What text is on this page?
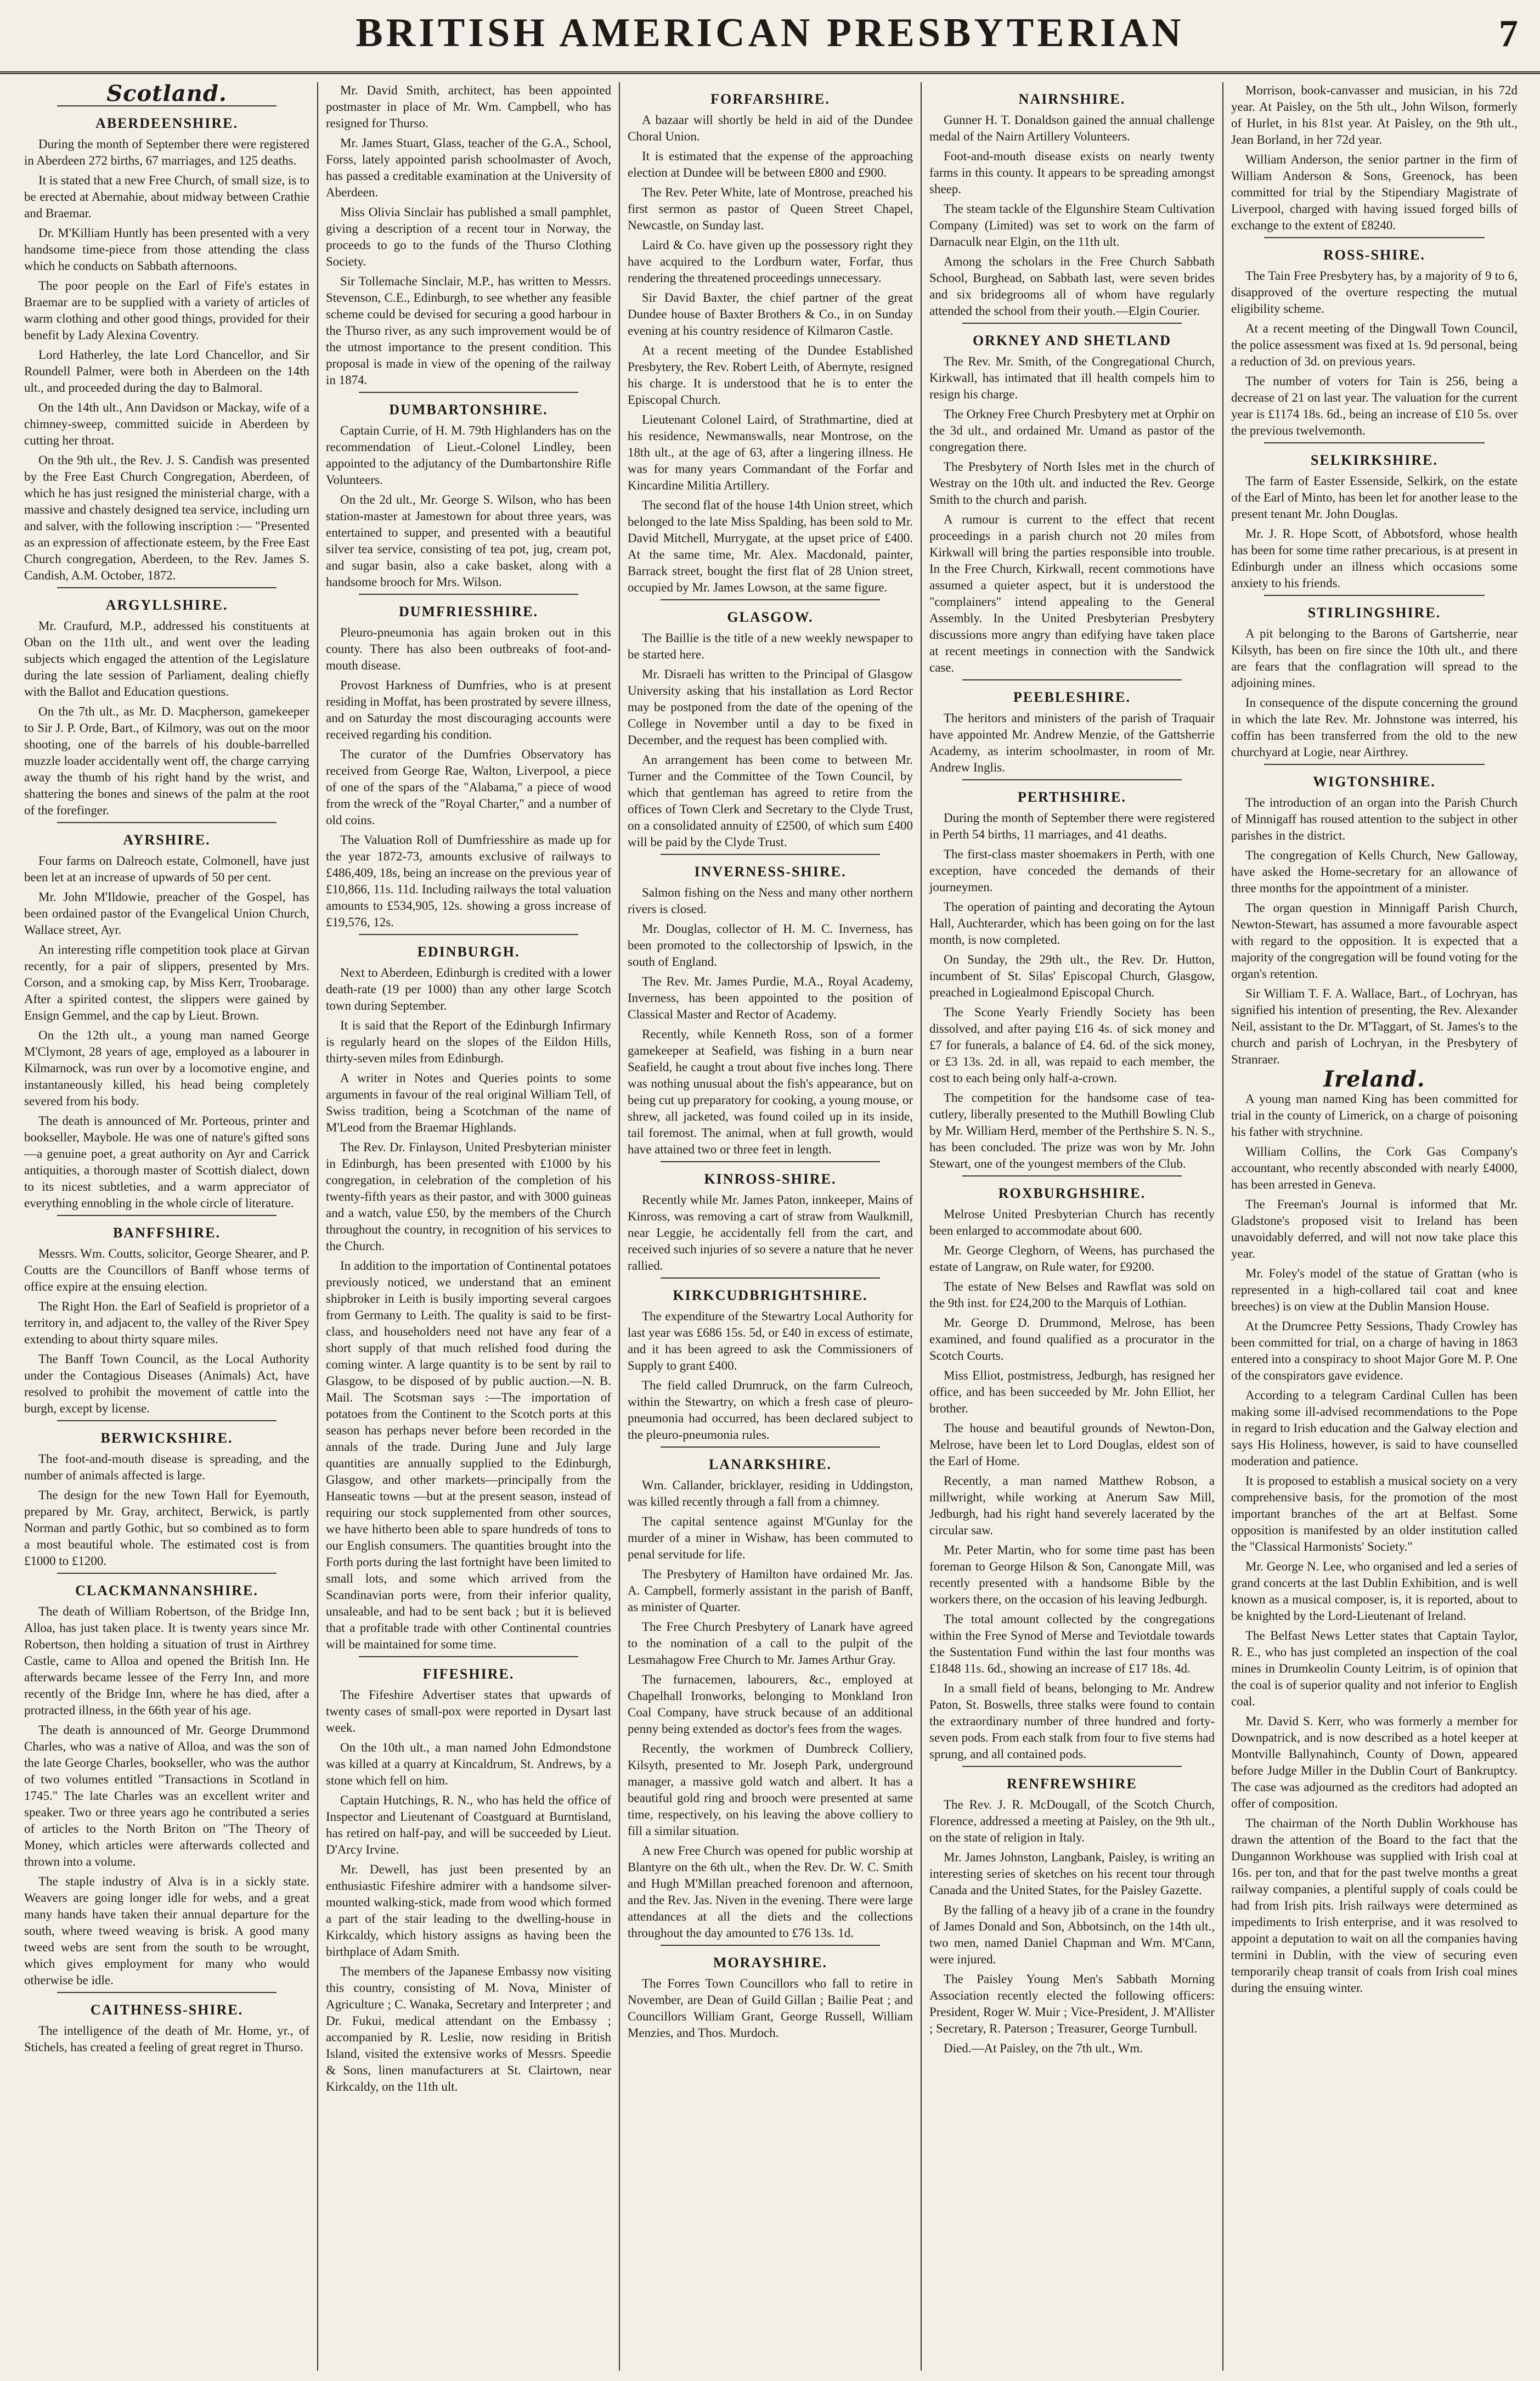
BRITISH AMERICAN PRESBYTERIAN	7
Scotland.
ABERDEENSHIRE.

During the month of September there were registered in Aberdeen 272 births, 67 marriages, and 125 deaths.

It is stated that a new Free Church, of small size, is to be erected at Abernahie, about midway between Crathie and Braemar.

Dr. M'Killiam Huntly has been presented with a very handsome time-piece from those attending the class which he conducts on Sabbath afternoons.

The poor people on the Earl of Fife's estates in Braemar are to be supplied with a variety of articles of warm clothing and other good things, provided for their benefit by Lady Alexina Coventry.

Lord Hatherley, the late Lord Chancellor, and Sir Roundell Palmer, were both in Aberdeen on the 14th ult., and proceeded during the day to Balmoral.

On the 14th ult., Ann Davidson or Mackay, wife of a chimney-sweep, committed suicide in Aberdeen by cutting her throat.

On the 9th ult., the Rev. J. S. Candish was presented by the Free East Church Congregation, Aberdeen, of which he has just resigned the ministerial charge, with a massive and chastely designed tea service, including urn and salver, with the following inscription :— "Presented as an expression of affectionate esteem, by the Free East Church congregation, Aberdeen, to the Rev. James S. Candish, A.M. October, 1872.

ARGYLLSHIRE.

Mr. Craufurd, M.P., addressed his constituents at Oban on the 11th ult., and went over the leading subjects which engaged the attention of the Legislature during the late session of Parliament, dealing chiefly with the Ballot and Education questions.

On the 7th ult., as Mr. D. Macpherson, gamekeeper to Sir J. P. Orde, Bart., of Kilmory, was out on the moor shooting, one of the barrels of his double-barrelled muzzle loader accidentally went off, the charge carrying away the thumb of his right hand by the wrist, and shattering the bones and sinews of the palm at the root of the forefinger.

AYRSHIRE.

Four farms on Dalreoch estate, Colmonell, have just been let at an increase of upwards of 50 per cent.

Mr. John M'Ildowie, preacher of the Gospel, has been ordained pastor of the Evangelical Union Church, Wallace street, Ayr.

An interesting rifle competition took place at Girvan recently, for a pair of slippers, presented by Mrs. Corson, and a smoking cap, by Miss Kerr, Troobarage. After a spirited contest, the slippers were gained by Ensign Gemmel, and the cap by Lieut. Brown.

On the 12th ult., a young man named George M'Clymont, 28 years of age, employed as a labourer in Kilmarnock, was run over by a locomotive engine, and instantaneously killed, his head being completely severed from his body.

The death is announced of Mr. Porteous, printer and bookseller, Maybole. He was one of nature's gifted sons—a genuine poet, a great authority on Ayr and Carrick antiquities, a thorough master of Scottish dialect, down to its nicest subtleties, and a warm appreciator of everything ennobling in the whole circle of literature.

BANFFSHIRE.

Messrs. Wm. Coutts, solicitor, George Shearer, and P. Coutts are the Councillors of Banff whose terms of office expire at the ensuing election.

The Right Hon. the Earl of Seafield is proprietor of a territory in, and adjacent to, the valley of the River Spey extending to about thirty square miles.

The Banff Town Council, as the Local Authority under the Contagious Diseases (Animals) Act, have resolved to prohibit the movement of cattle into the burgh, except by license.

BERWICKSHIRE.

The foot-and-mouth disease is spreading, and the number of animals affected is large.

The design for the new Town Hall for Eyemouth, prepared by Mr. Gray, architect, Berwick, is partly Norman and partly Gothic, but so combined as to form a most beautiful whole. The estimated cost is from £1000 to £1200.

CLACKMANNANSHIRE.

The death of William Robertson, of the Bridge Inn, Alloa, has just taken place. It is twenty years since Mr. Robertson, then holding a situation of trust in Airthrey Castle, came to Alloa and opened the British Inn. He afterwards became lessee of the Ferry Inn, and more recently of the Bridge Inn, where he has died, after a protracted illness, in the 66th year of his age.

The death is announced of Mr. George Drummond Charles, who was a native of Alloa, and was the son of the late George Charles, bookseller, who was the author of two volumes entitled "Transactions in Scotland in 1745." The late Charles was an excellent writer and speaker. Two or three years ago he contributed a series of articles to the North Briton on "The Theory of Money, which articles were afterwards collected and thrown into a volume.

The staple industry of Alva is in a sickly state. Weavers are going longer idle for webs, and a great many hands have taken their annual departure for the south, where tweed weaving is brisk. A good many tweed webs are sent from the south to be wrought, which gives employment for many who would otherwise be idle.

CAITHNESS-SHIRE.

The intelligence of the death of Mr. Home, yr., of Stichels, has created a feeling of great regret in Thurso.

Mr. David Smith, architect, has been appointed postmaster in place of Mr. Wm. Campbell, who has resigned for Thurso.

Mr. James Stuart, Glass, teacher of the G.A., School, Forss, lately appointed parish schoolmaster of Avoch, has passed a creditable examination at the University of Aberdeen.

Miss Olivia Sinclair has published a small pamphlet, giving a description of a recent tour in Norway, the proceeds to go to the funds of the Thurso Clothing Society.

Sir Tollemache Sinclair, M.P., has written to Messrs. Stevenson, C.E., Edinburgh, to see whether any feasible scheme could be devised for securing a good harbour in the Thurso river, as any such improvement would be of the utmost importance to the present condition. This proposal is made in view of the opening of the railway in 1874.

DUMBARTONSHIRE.

Captain Currie, of H. M. 79th Highlanders has on the recommendation of Lieut.-Colonel Lindley, been appointed to the adjutancy of the Dumbartonshire Rifle Volunteers.

On the 2d ult., Mr. George S. Wilson, who has been station-master at Jamestown for about three years, was entertained to supper, and presented with a beautiful silver tea service, consisting of tea pot, jug, cream pot, and sugar basin, also a cake basket, along with a handsome brooch for Mrs. Wilson.

DUMFRIESSHIRE.

Pleuro-pneumonia has again broken out in this county. There has also been outbreaks of foot-and-mouth disease.

Provost Harkness of Dumfries, who is at present residing in Moffat, has been prostrated by severe illness, and on Saturday the most discouraging accounts were received regarding his condition.

The curator of the Dumfries Observatory has received from George Rae, Walton, Liverpool, a piece of one of the spars of the "Alabama," a piece of wood from the wreck of the "Royal Charter," and a number of old coins.

The Valuation Roll of Dumfriesshire as made up for the year 1872-73, amounts exclusive of railways to £486,409, 18s, being an increase on the previous year of £10,866, 11s. 11d. Including railways the total valuation amounts to £534,905, 12s. showing a gross increase of £19,576, 12s.

EDINBURGH.

Next to Aberdeen, Edinburgh is credited with a lower death-rate (19 per 1000) than any other large Scotch town during September.

It is said that the Report of the Edinburgh Infirmary is regularly heard on the slopes of the Eildon Hills, thirty-seven miles from Edinburgh.

A writer in Notes and Queries points to some arguments in favour of the real original William Tell, of Swiss tradition, being a Scotchman of the name of M'Leod from the Braemar Highlands.

The Rev. Dr. Finlayson, United Presbyterian minister in Edinburgh, has been presented with £1000 by his congregation, in celebration of the completion of his twenty-fifth years as their pastor, and with 3000 guineas and a watch, value £50, by the members of the Church throughout the country, in recognition of his services to the Church.

In addition to the importation of Continental potatoes previously noticed, we understand that an eminent shipbroker in Leith is busily importing several cargoes from Germany to Leith. The quality is said to be first-class, and householders need not have any fear of a short supply of that much relished food during the coming winter. A large quantity is to be sent by rail to Glasgow, to be disposed of by public auction.—N. B. Mail. The Scotsman says :—The importation of potatoes from the Continent to the Scotch ports at this season has perhaps never before been recorded in the annals of the trade. During June and July large quantities are annually supplied to the Edinburgh, Glasgow, and other markets—principally from the Hanseatic towns —but at the present season, instead of requiring our stock supplemented from other sources, we have hitherto been able to spare hundreds of tons to our English consumers. The quantities brought into the Forth ports during the last fortnight have been limited to small lots, and some which arrived from the Scandinavian ports were, from their inferior quality, unsaleable, and had to be sent back ; but it is believed that a profitable trade with other Continental countries will be maintained for some time.

FIFESHIRE.

The Fifeshire Advertiser states that upwards of twenty cases of small-pox were reported in Dysart last week.

On the 10th ult., a man named John Edmondstone was killed at a quarry at Kincaldrum, St. Andrews, by a stone which fell on him.

Captain Hutchings, R. N., who has held the office of Inspector and Lieutenant of Coastguard at Burntisland, has retired on half-pay, and will be succeeded by Lieut. D'Arcy Irvine.

Mr. Dewell, has just been presented by an enthusiastic Fifeshire admirer with a handsome silver-mounted walking-stick, made from wood which formed a part of the stair leading to the dwelling-house in Kirkcaldy, which history assigns as having been the birthplace of Adam Smith.

The members of the Japanese Embassy now visiting this country, consisting of M. Nova, Minister of Agriculture ; C. Wanaka, Secretary and Interpreter ; and Dr. Fukui, medical attendant on the Embassy ; accompanied by R. Leslie, now residing in British Island, visited the extensive works of Messrs. Speedie & Sons, linen manufacturers at St. Clairtown, near Kirkcaldy, on the 11th ult.

FORFARSHIRE.

A bazaar will shortly be held in aid of the Dundee Choral Union.

It is estimated that the expense of the approaching election at Dundee will be between £800 and £900.

The Rev. Peter White, late of Montrose, preached his first sermon as pastor of Queen Street Chapel, Newcastle, on Sunday last.

Laird & Co. have given up the possessory right they have acquired to the Lordburn water, Forfar, thus rendering the threatened proceedings unnecessary.

Sir David Baxter, the chief partner of the great Dundee house of Baxter Brothers & Co., in on Sunday evening at his country residence of Kilmaron Castle.

At a recent meeting of the Dundee Established Presbytery, the Rev. Robert Leith, of Abernyte, resigned his charge. It is understood that he is to enter the Episcopal Church.

Lieutenant Colonel Laird, of Strathmartine, died at his residence, Newmanswalls, near Montrose, on the 18th ult., at the age of 63, after a lingering illness. He was for many years Commandant of the Forfar and Kincardine Militia Artillery.

The second flat of the house 14th Union street, which belonged to the late Miss Spalding, has been sold to Mr. David Mitchell, Murrygate, at the upset price of £400. At the same time, Mr. Alex. Macdonald, painter, Barrack street, bought the first flat of 28 Union street, occupied by Mr. James Lowson, at the same figure.

GLASGOW.

The Baillie is the title of a new weekly newspaper to be started here.

Mr. Disraeli has written to the Principal of Glasgow University asking that his installation as Lord Rector may be postponed from the date of the opening of the College in November until a day to be fixed in December, and the request has been complied with.

An arrangement has been come to between Mr. Turner and the Committee of the Town Council, by which that gentleman has agreed to retire from the offices of Town Clerk and Secretary to the Clyde Trust, on a consolidated annuity of £2500, of which sum £400 will be paid by the Clyde Trust.

INVERNESS-SHIRE.

Salmon fishing on the Ness and many other northern rivers is closed.

Mr. Douglas, collector of H. M. C. Inverness, has been promoted to the collectorship of Ipswich, in the south of England.

The Rev. Mr. James Purdie, M.A., Royal Academy, Inverness, has been appointed to the position of Classical Master and Rector of Academy.

Recently, while Kenneth Ross, son of a former gamekeeper at Seafield, was fishing in a burn near Seafield, he caught a trout about five inches long. There was nothing unusual about the fish's appearance, but on being cut up preparatory for cooking, a young mouse, or shrew, all jacketed, was found coiled up in its inside, tail foremost. The animal, when at full growth, would have attained two or three feet in length.

KINROSS-SHIRE.

Recently while Mr. James Paton, innkeeper, Mains of Kinross, was removing a cart of straw from Waulkmill, near Leggie, he accidentally fell from the cart, and received such injuries of so severe a nature that he never rallied.

KIRKCUDBRIGHTSHIRE.

The expenditure of the Stewartry Local Authority for last year was £686 15s. 5d, or £40 in excess of estimate, and it has been agreed to ask the Commissioners of Supply to grant £400.

The field called Drumruck, on the farm Culreoch, within the Stewartry, on which a fresh case of pleuro-pneumonia had occurred, has been declared subject to the pleuro-pneumonia rules.

LANARKSHIRE.

Wm. Callander, bricklayer, residing in Uddingston, was killed recently through a fall from a chimney.

The capital sentence against M'Gunlay for the murder of a miner in Wishaw, has been commuted to penal servitude for life.

The Presbytery of Hamilton have ordained Mr. Jas. A. Campbell, formerly assistant in the parish of Banff, as minister of Quarter.

The Free Church Presbytery of Lanark have agreed to the nomination of a call to the pulpit of the Lesmahagow Free Church to Mr. James Arthur Gray.

The furnacemen, labourers, &c., employed at Chapelhall Ironworks, belonging to Monkland Iron Coal Company, have struck because of an additional penny being extended as doctor's fees from the wages.

Recently, the workmen of Dumbreck Colliery, Kilsyth, presented to Mr. Joseph Park, underground manager, a massive gold watch and albert. It has a beautiful gold ring and brooch were presented at same time, respectively, on his leaving the above colliery to fill a similar situation.

A new Free Church was opened for public worship at Blantyre on the 6th ult., when the Rev. Dr. W. C. Smith and Hugh M'Millan preached forenoon and afternoon, and the Rev. Jas. Niven in the evening. There were large attendances at all the diets and the collections throughout the day amounted to £76 13s. 1d.

MORAYSHIRE.

The Forres Town Councillors who fall to retire in November, are Dean of Guild Gillan ; Bailie Peat ; and Councillors William Grant, George Russell, William Menzies, and Thos. Murdoch.

NAIRNSHIRE.

Gunner H. T. Donaldson gained the annual challenge medal of the Nairn Artillery Volunteers.

Foot-and-mouth disease exists on nearly twenty farms in this county. It appears to be spreading amongst sheep.

The steam tackle of the Elgunshire Steam Cultivation Company (Limited) was set to work on the farm of Darnaculk near Elgin, on the 11th ult.

Among the scholars in the Free Church Sabbath School, Burghead, on Sabbath last, were seven brides and six bridegrooms all of whom have regularly attended the school from their youth.—Elgin Courier.

ORKNEY AND SHETLAND

The Rev. Mr. Smith, of the Congregational Church, Kirkwall, has intimated that ill health compels him to resign his charge.

The Orkney Free Church Presbytery met at Orphir on the 3d ult., and ordained Mr. Umand as pastor of the congregation there.

The Presbytery of North Isles met in the church of Westray on the 10th ult. and inducted the Rev. George Smith to the church and parish.

A rumour is current to the effect that recent proceedings in a parish church not 20 miles from Kirkwall will bring the parties responsible into trouble. In the Free Church, Kirkwall, recent commotions have assumed a quieter aspect, but it is understood the "complainers" intend appealing to the General Assembly. In the United Presbyterian Presbytery discussions more angry than edifying have taken place at recent meetings in connection with the Sandwick case.

PEEBLESHIRE.

The heritors and ministers of the parish of Traquair have appointed Mr. Andrew Menzie, of the Gattsherrie Academy, as interim schoolmaster, in room of Mr. Andrew Inglis.

PERTHSHIRE.

During the month of September there were registered in Perth 54 births, 11 marriages, and 41 deaths.

The first-class master shoemakers in Perth, with one exception, have conceded the demands of their journeymen.

The operation of painting and decorating the Aytoun Hall, Auchterarder, which has been going on for the last month, is now completed.

On Sunday, the 29th ult., the Rev. Dr. Hutton, incumbent of St. Silas' Episcopal Church, Glasgow, preached in Logiealmond Episcopal Church.

The Scone Yearly Friendly Society has been dissolved, and after paying £16 4s. of sick money and £7 for funerals, a balance of £4. 6d. of the sick money, or £3 13s. 2d. in all, was repaid to each member, the cost to each being only half-a-crown.

The competition for the handsome case of tea-cutlery, liberally presented to the Muthill Bowling Club by Mr. William Herd, member of the Perthshire S. N. S., has been concluded. The prize was won by Mr. John Stewart, one of the youngest members of the Club.

ROXBURGHSHIRE.

Melrose United Presbyterian Church has recently been enlarged to accommodate about 600.

Mr. George Cleghorn, of Weens, has purchased the estate of Langraw, on Rule water, for £9200.

The estate of New Belses and Rawflat was sold on the 9th inst. for £24,200 to the Marquis of Lothian.

Mr. George D. Drummond, Melrose, has been examined, and found qualified as a procurator in the Scotch Courts.

Miss Elliot, postmistress, Jedburgh, has resigned her office, and has been succeeded by Mr. John Elliot, her brother.

The house and beautiful grounds of Newton-Don, Melrose, have been let to Lord Douglas, eldest son of the Earl of Home.

Recently, a man named Matthew Robson, a millwright, while working at Anerum Saw Mill, Jedburgh, had his right hand severely lacerated by the circular saw.

Mr. Peter Martin, who for some time past has been foreman to George Hilson & Son, Canongate Mill, was recently presented with a handsome Bible by the workers there, on the occasion of his leaving Jedburgh.

The total amount collected by the congregations within the Free Synod of Merse and Teviotdale towards the Sustentation Fund within the last four months was £1848 11s. 6d., showing an increase of £17 18s. 4d.

In a small field of beans, belonging to Mr. Andrew Paton, St. Boswells, three stalks were found to contain the extraordinary number of three hundred and forty-seven pods. From each stalk from four to five stems had sprung, and all contained pods.

RENFREWSHIRE

The Rev. J. R. McDougall, of the Scotch Church, Florence, addressed a meeting at Paisley, on the 9th ult., on the state of religion in Italy.

Mr. James Johnston, Langbank, Paisley, is writing an interesting series of sketches on his recent tour through Canada and the United States, for the Paisley Gazette.

By the falling of a heavy jib of a crane in the foundry of James Donald and Son, Abbotsinch, on the 14th ult., two men, named Daniel Chapman and Wm. M'Cann, were injured.

The Paisley Young Men's Sabbath Morning Association recently elected the following officers: President, Roger W. Muir ; Vice-President, J. M'Allister ; Secretary, R. Paterson ; Treasurer, George Turnbull.

Died.—At Paisley, on the 7th ult., Wm.

Morrison, book-canvasser and musician, in his 72d year. At Paisley, on the 5th ult., John Wilson, formerly of Hurlet, in his 81st year. At Paisley, on the 9th ult., Jean Borland, in her 72d year.

William Anderson, the senior partner in the firm of William Anderson & Sons, Greenock, has been committed for trial by the Stipendiary Magistrate of Liverpool, charged with having issued forged bills of exchange to the extent of £8240.

ROSS-SHIRE.

The Tain Free Presbytery has, by a majority of 9 to 6, disapproved of the overture respecting the mutual eligibility scheme.

At a recent meeting of the Dingwall Town Council, the police assessment was fixed at 1s. 9d personal, being a reduction of 3d. on previous years.

The number of voters for Tain is 256, being a decrease of 21 on last year. The valuation for the current year is £1174 18s. 6d., being an increase of £10 5s. over the previous twelvemonth.

SELKIRKSHIRE.

The farm of Easter Essenside, Selkirk, on the estate of the Earl of Minto, has been let for another lease to the present tenant Mr. John Douglas.

Mr. J. R. Hope Scott, of Abbotsford, whose health has been for some time rather precarious, is at present in Edinburgh under an illness which occasions some anxiety to his friends.

STIRLINGSHIRE.

A pit belonging to the Barons of Gartsherrie, near Kilsyth, has been on fire since the 10th ult., and there are fears that the conflagration will spread to the adjoining mines.

In consequence of the dispute concerning the ground in which the late Rev. Mr. Johnstone was interred, his coffin has been transferred from the old to the new churchyard at Logie, near Airthrey.

WIGTONSHIRE.

The introduction of an organ into the Parish Church of Minnigaff has roused attention to the subject in other parishes in the district.

The congregation of Kells Church, New Galloway, have asked the Home-secretary for an allowance of three months for the appointment of a minister.

The organ question in Minnigaff Parish Church, Newton-Stewart, has assumed a more favourable aspect with regard to the opposition. It is expected that a majority of the congregation will be found voting for the organ's retention.

Sir William T. F. A. Wallace, Bart., of Lochryan, has signified his intention of presenting, the Rev. Alexander Neil, assistant to the Dr. M'Taggart, of St. James's to the church and parish of Lochryan, in the Presbytery of Stranraer.

Ireland.

A young man named King has been committed for trial in the county of Limerick, on a charge of poisoning his father with strychnine.

William Collins, the Cork Gas Company's accountant, who recently absconded with nearly £4000, has been arrested in Geneva.

The Freeman's Journal is informed that Mr. Gladstone's proposed visit to Ireland has been unavoidably deferred, and will not now take place this year.

Mr. Foley's model of the statue of Grattan (who is represented in a high-collared tail coat and knee breeches) is on view at the Dublin Mansion House.

At the Drumcree Petty Sessions, Thady Crowley has been committed for trial, on a charge of having in 1863 entered into a conspiracy to shoot Major Gore M. P. One of the conspirators gave evidence.

According to a telegram Cardinal Cullen has been making some ill-advised recommendations to the Pope in regard to Irish education and the Galway election and says His Holiness, however, is said to have counselled moderation and patience.

It is proposed to establish a musical society on a very comprehensive basis, for the promotion of the most important branches of the art at Belfast. Some opposition is manifested by an older institution called the "Classical Harmonists' Society."

Mr. George N. Lee, who organised and led a series of grand concerts at the last Dublin Exhibition, and is well known as a musical composer, is, it is reported, about to be knighted by the Lord-Lieutenant of Ireland.

The Belfast News Letter states that Captain Taylor, R. E., who has just completed an inspection of the coal mines in Drumkeolin County Leitrim, is of opinion that the coal is of superior quality and not inferior to English coal.

Mr. David S. Kerr, who was formerly a member for Downpatrick, and is now described as a hotel keeper at Montville Ballynahinch, County of Down, appeared before Judge Miller in the Dublin Court of Bankruptcy. The case was adjourned as the creditors had adopted an offer of composition.

The chairman of the North Dublin Workhouse has drawn the attention of the Board to the fact that the Dungannon Workhouse was supplied with Irish coal at 16s. per ton, and that for the past twelve months a great railway companies, a plentiful supply of coals could be had from Irish pits. Irish railways were determined as impediments to Irish enterprise, and it was resolved to appoint a deputation to wait on all the companies having termini in Dublin, with the view of securing even temporarily cheap transit of coals from Irish coal mines during the ensuing winter.
